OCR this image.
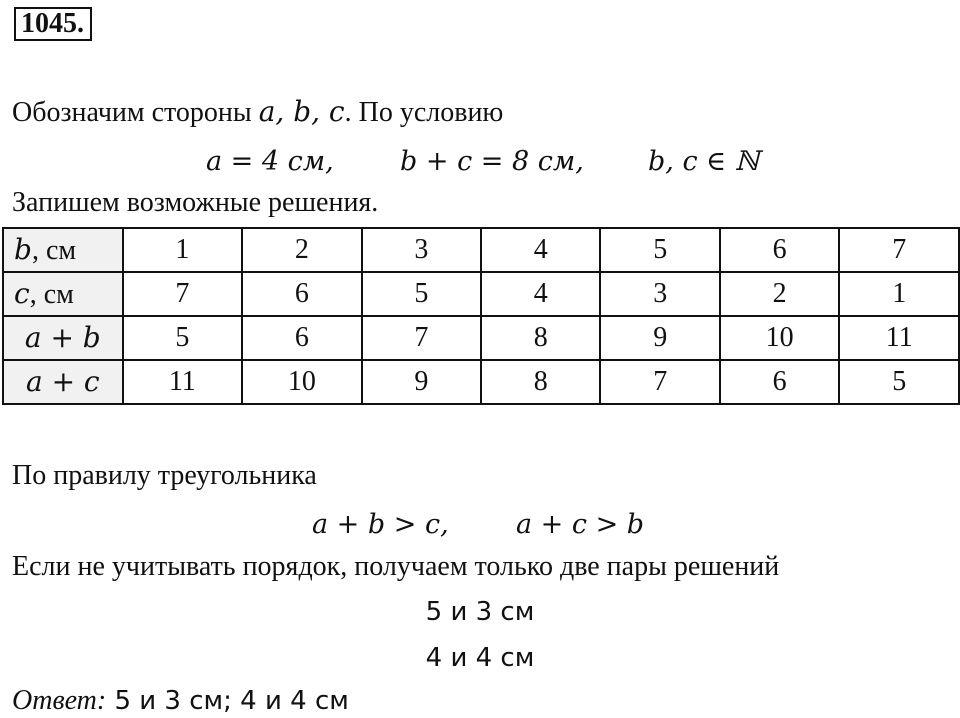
1045.
Обозначим стороны a, b, c. По условию
a = 4 см, b + c = 8 см, b, c ∈ ℕ
Запишем возможные решения.
b, см	1	2	3	4	5	6	7
c, см	7	6	5	4	3	2	1
a + b	5	6	7	8	9	10	11
a + c	11	10	9	8	7	6	5
По правилу треугольника
a + b > c, a + c > b
Если не учитывать порядок, получаем только две пары решений
5 и 3 см
4 и 4 см
Ответ: 5 и 3 см; 4 и 4 см
